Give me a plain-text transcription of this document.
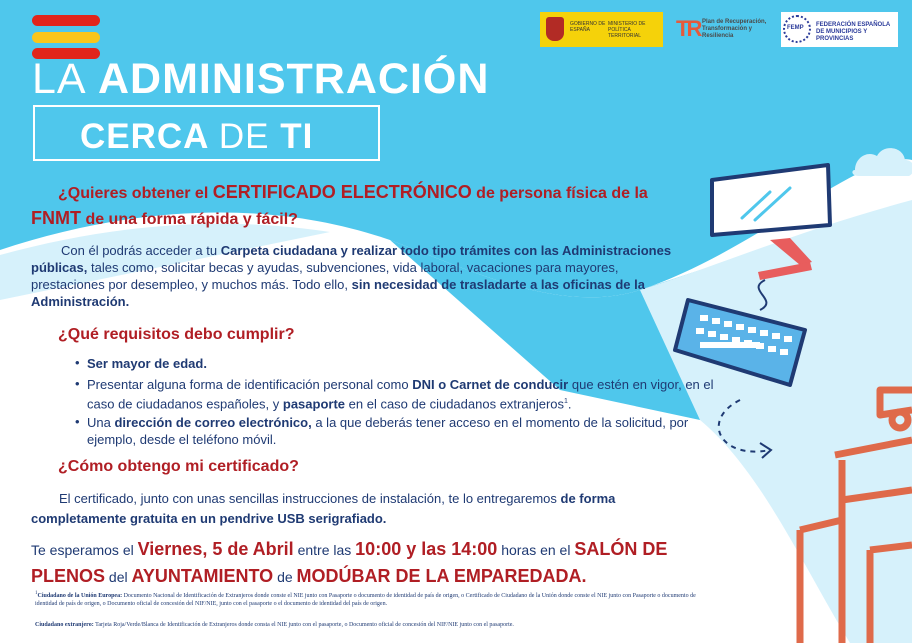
GOBIERNO DE ESPAÑA
MINISTERIO DE POLÍTICA TERRITORIAL	TR Plan de Recuperación, Transformación y Resiliencia
FEMP FEDERACIÓN ESPAÑOLA DE MUNICIPIOS Y PROVINCIAS
LA ADMINISTRACIÓN
CERCA DE TI
¿Quieres obtener el CERTIFICADO ELECTRÓNICO de persona física de la
FNMT de una forma rápida y fácil?
Con él podrás acceder a tu Carpeta ciudadana y realizar todo tipo trámites con las Administraciones públicas, tales como, solicitar becas y ayudas, subvenciones, vida laboral, vacaciones para mayores, prestaciones por desempleo, y muchos más. Todo ello, sin necesidad de trasladarte a las oficinas de la Administración.
¿Qué requisitos debo cumplir?
• Ser mayor de edad.
• Presentar alguna forma de identificación personal como DNI o Carnet de conducir que estén en vigor, en el caso de ciudadanos españoles, y pasaporte en el caso de ciudadanos extranjeros$^1$.
• Una dirección de correo electrónico, a la que deberás tener acceso en el momento de la solicitud, por ejemplo, desde el teléfono móvil.
¿Cómo obtengo mi certificado?
El certificado, junto con unas sencillas instrucciones de instalación, te lo entregaremos de forma completamente gratuita en un pendrive USB serigrafiado.
Te esperamos el Viernes, 5 de Abril entre las 10:00 y las 14:00 horas en el SALÓN DE PLENOS del AYUNTAMIENTO de MODÚBAR DE LA EMPAREDADA.
$^1$Ciudadano de la Unión Europea: Documento Nacional de Identificación de Extranjeros donde conste el NIE junto con Pasaporte o documento de identidad de país de origen, o Certificado de Ciudadano de la Unión donde conste el NIE junto con Pasaporte o documento de identidad de país de origen, o Documento oficial de concesión del NIF/NIE, junto con el pasaporte o el documento de identidad del país de origen.
Ciudadano extranjero: Tarjeta Roja/Verde/Blanca de Identificación de Extranjeros donde consta el NIE junto con el pasaporte, o Documento oficial de concesión del NIF/NIE junto con el pasaporte.
